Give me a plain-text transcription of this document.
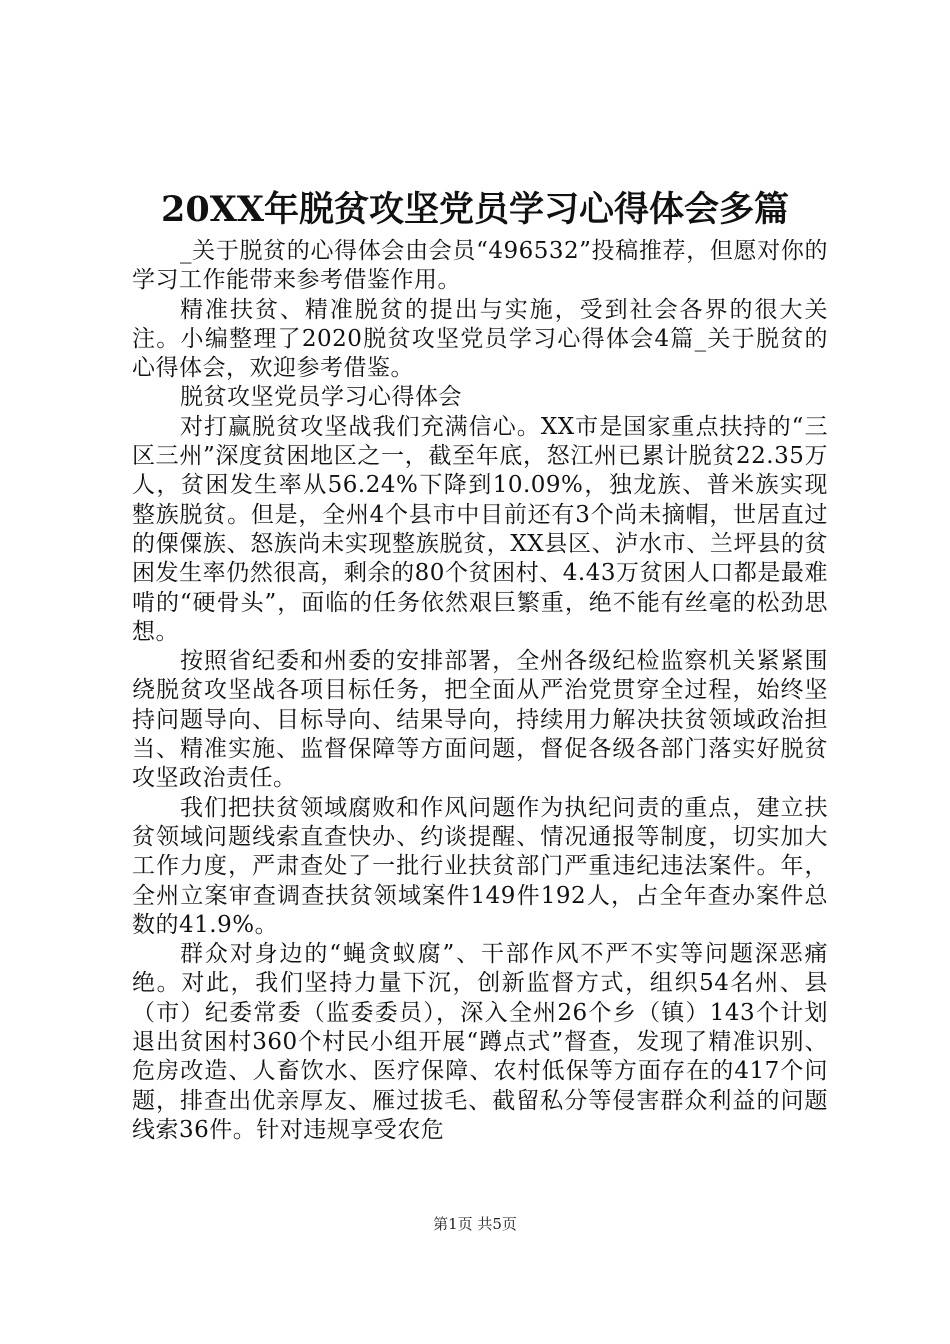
20XX年脱贫攻坚党员学习心得体会多篇

_关于脱贫的心得体会由会员“496532”投稿推荐，但愿对你的学习工作能带来参考借鉴作用。

精准扶贫、精准脱贫的提出与实施，受到社会各界的很大关注。小编整理了2020脱贫攻坚党员学习心得体会4篇_关于脱贫的心得体会，欢迎参考借鉴。

脱贫攻坚党员学习心得体会

对打赢脱贫攻坚战我们充满信心。XX市是国家重点扶持的“三区三州”深度贫困地区之一，截至年底，怒江州已累计脱贫22.35万人，贫困发生率从56.24%下降到10.09%，独龙族、普米族实现整族脱贫。但是，全州4个县市中目前还有3个尚未摘帽，世居直过的傈僳族、怒族尚未实现整族脱贫，XX县区、泸水市、兰坪县的贫困发生率仍然很高，剩余的80个贫困村、4.43万贫困人口都是最难啃的“硬骨头”，面临的任务依然艰巨繁重，绝不能有丝毫的松劲思想。

按照省纪委和州委的安排部署，全州各级纪检监察机关紧紧围绕脱贫攻坚战各项目标任务，把全面从严治党贯穿全过程，始终坚持问题导向、目标导向、结果导向，持续用力解决扶贫领域政治担当、精准实施、监督保障等方面问题，督促各级各部门落实好脱贫攻坚政治责任。

我们把扶贫领域腐败和作风问题作为执纪问责的重点，建立扶贫领域问题线索直查快办、约谈提醒、情况通报等制度，切实加大工作力度，严肃查处了一批行业扶贫部门严重违纪违法案件。年，全州立案审查调查扶贫领域案件149件192人，占全年查办案件总数的41.9%。

群众对身边的“蝇贪蚁腐”、干部作风不严不实等问题深恶痛绝。对此，我们坚持力量下沉，创新监督方式，组织54名州、县（市）纪委常委（监委委员），深入全州26个乡（镇）143个计划退出贫困村360个村民小组开展“蹲点式”督查，发现了精准识别、危房改造、人畜饮水、医疗保障、农村低保等方面存在的417个问题，排查出优亲厚友、雁过拔毛、截留私分等侵害群众利益的问题线索36件。针对违规享受农危

第1页 共5页
